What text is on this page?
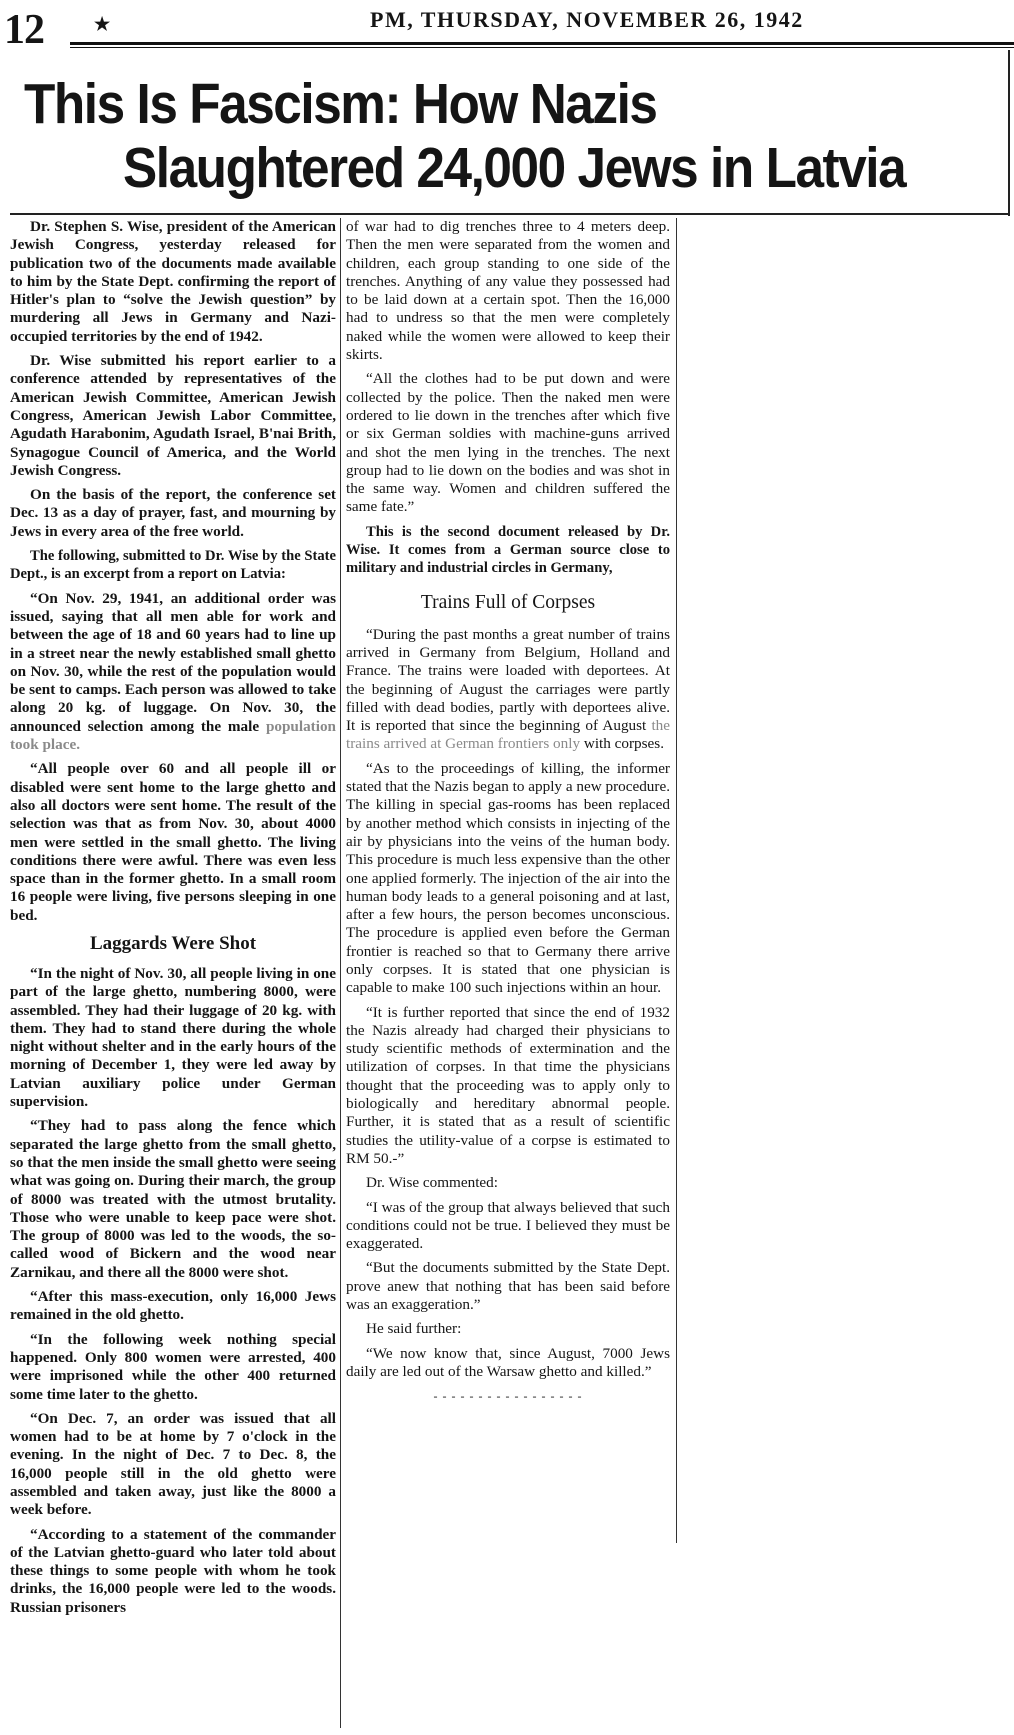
12	★	PM, THURSDAY, NOVEMBER 26, 1942
This Is Fascism: How Nazis
Slaughtered 24,000 Jews in Latvia

Dr. Stephen S. Wise, president of the American Jewish Congress, yesterday released for publication two of the documents made available to him by the State Dept. confirming the report of Hitler's plan to “solve the Jewish question” by murdering all Jews in Germany and Nazi-occupied territories by the end of 1942.

Dr. Wise submitted his report earlier to a conference attended by representatives of the American Jewish Committee, American Jewish Congress, American Jewish Labor Committee, Agudath Harabonim, Agudath Israel, B'nai Brith, Synagogue Council of America, and the World Jewish Congress.

On the basis of the report, the conference set Dec. 13 as a day of prayer, fast, and mourning by Jews in every area of the free world.

The following, submitted to Dr. Wise by the State Dept., is an excerpt from a report on Latvia:

“On Nov. 29, 1941, an additional order was issued, saying that all men able for work and between the age of 18 and 60 years had to line up in a street near the newly established small ghetto on Nov. 30, while the rest of the population would be sent to camps. Each person was allowed to take along 20 kg. of luggage. On Nov. 30, the announced selection among the male population took place.

“All people over 60 and all people ill or disabled were sent home to the large ghetto and also all doctors were sent home. The result of the selection was that as from Nov. 30, about 4000 men were settled in the small ghetto. The living conditions there were awful. There was even less space than in the former ghetto. In a small room 16 people were living, five persons sleeping in one bed.

Laggards Were Shot

“In the night of Nov. 30, all people living in one part of the large ghetto, numbering 8000, were assembled. They had their luggage of 20 kg. with them. They had to stand there during the whole night without shelter and in the early hours of the morning of December 1, they were led away by Latvian auxiliary police under German supervision.

“They had to pass along the fence which separated the large ghetto from the small ghetto, so that the men inside the small ghetto were seeing what was going on. During their march, the group of 8000 was treated with the utmost brutality. Those who were unable to keep pace were shot. The group of 8000 was led to the woods, the so-called wood of Bickern and the wood near Zarnikau, and there all the 8000 were shot.

“After this mass-execution, only 16,000 Jews remained in the old ghetto.

“In the following week nothing special happened. Only 800 women were arrested, 400 were imprisoned while the other 400 returned some time later to the ghetto.

“On Dec. 7, an order was issued that all women had to be at home by 7 o'clock in the evening. In the night of Dec. 7 to Dec. 8, the 16,000 people still in the old ghetto were assembled and taken away, just like the 8000 a week before.

“According to a statement of the commander of the Latvian ghetto-guard who later told about these things to some people with whom he took drinks, the 16,000 people were led to the woods. Russian prisoners

of war had to dig trenches three to 4 meters deep. Then the men were separated from the women and children, each group standing to one side of the trenches. Anything of any value they possessed had to be laid down at a certain spot. Then the 16,000 had to undress so that the men were completely naked while the women were allowed to keep their skirts.

“All the clothes had to be put down and were collected by the police. Then the naked men were ordered to lie down in the trenches after which five or six German soldies with machine-guns arrived and shot the men lying in the trenches. The next group had to lie down on the bodies and was shot in the same way. Women and children suffered the same fate.”

This is the second document released by Dr. Wise. It comes from a German source close to military and industrial circles in Germany,

Trains Full of Corpses

“During the past months a great number of trains arrived in Germany from Belgium, Holland and France. The trains were loaded with deportees. At the beginning of August the carriages were partly filled with dead bodies, partly with deportees alive. It is reported that since the beginning of August the trains arrived at German frontiers only with corpses.

“As to the proceedings of killing, the informer stated that the Nazis began to apply a new procedure. The killing in special gas-rooms has been replaced by another method which consists in injecting of the air by physicians into the veins of the human body. This procedure is much less expensive than the other one applied formerly. The injection of the air into the human body leads to a general poisoning and at last, after a few hours, the person becomes unconscious. The procedure is applied even before the German frontier is reached so that to Germany there arrive only corpses. It is stated that one physician is capable to make 100 such injections within an hour.

“It is further reported that since the end of 1932 the Nazis already had charged their physicians to study scientific methods of extermination and the utilization of corpses. In that time the physicians thought that the proceeding was to apply only to biologically and hereditary abnormal people. Further, it is stated that as a result of scientific studies the utility-value of a corpse is estimated to RM 50.-”

Dr. Wise commented:

“I was of the group that always believed that such conditions could not be true. I believed they must be exaggerated.

“But the documents submitted by the State Dept. prove anew that nothing that has been said before was an exaggeration.”

He said further:

“We now know that, since August, 7000 Jews daily are led out of the Warsaw ghetto and killed.”

- - - - - - - - - - - - - - - - -
